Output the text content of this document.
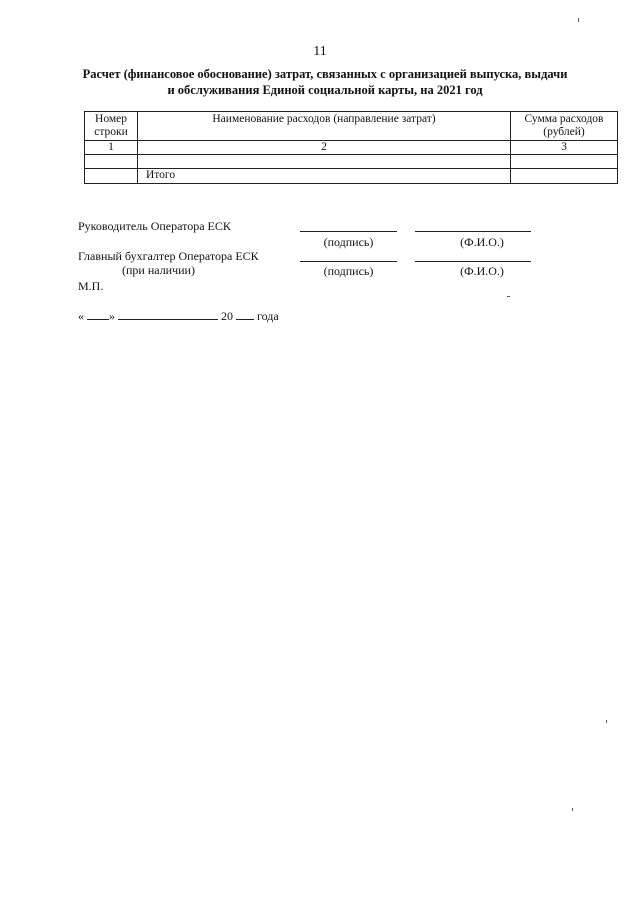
11
Расчет (финансовое обоснование) затрат, связанных с организацией выпуска, выдачи
и обслуживания Единой социальной карты, на 2021 год
Номер строки	Наименование расходов (направление затрат)	Сумма расходов (рублей)
1	2	3

	Итого	
Руководитель Оператора ЕСК
(подпись)	(Ф.И.О.)
Главный бухгалтер Оператора ЕСК
(при наличии)	(подпись)	(Ф.И.О.)
М.П.
« »	20 года
